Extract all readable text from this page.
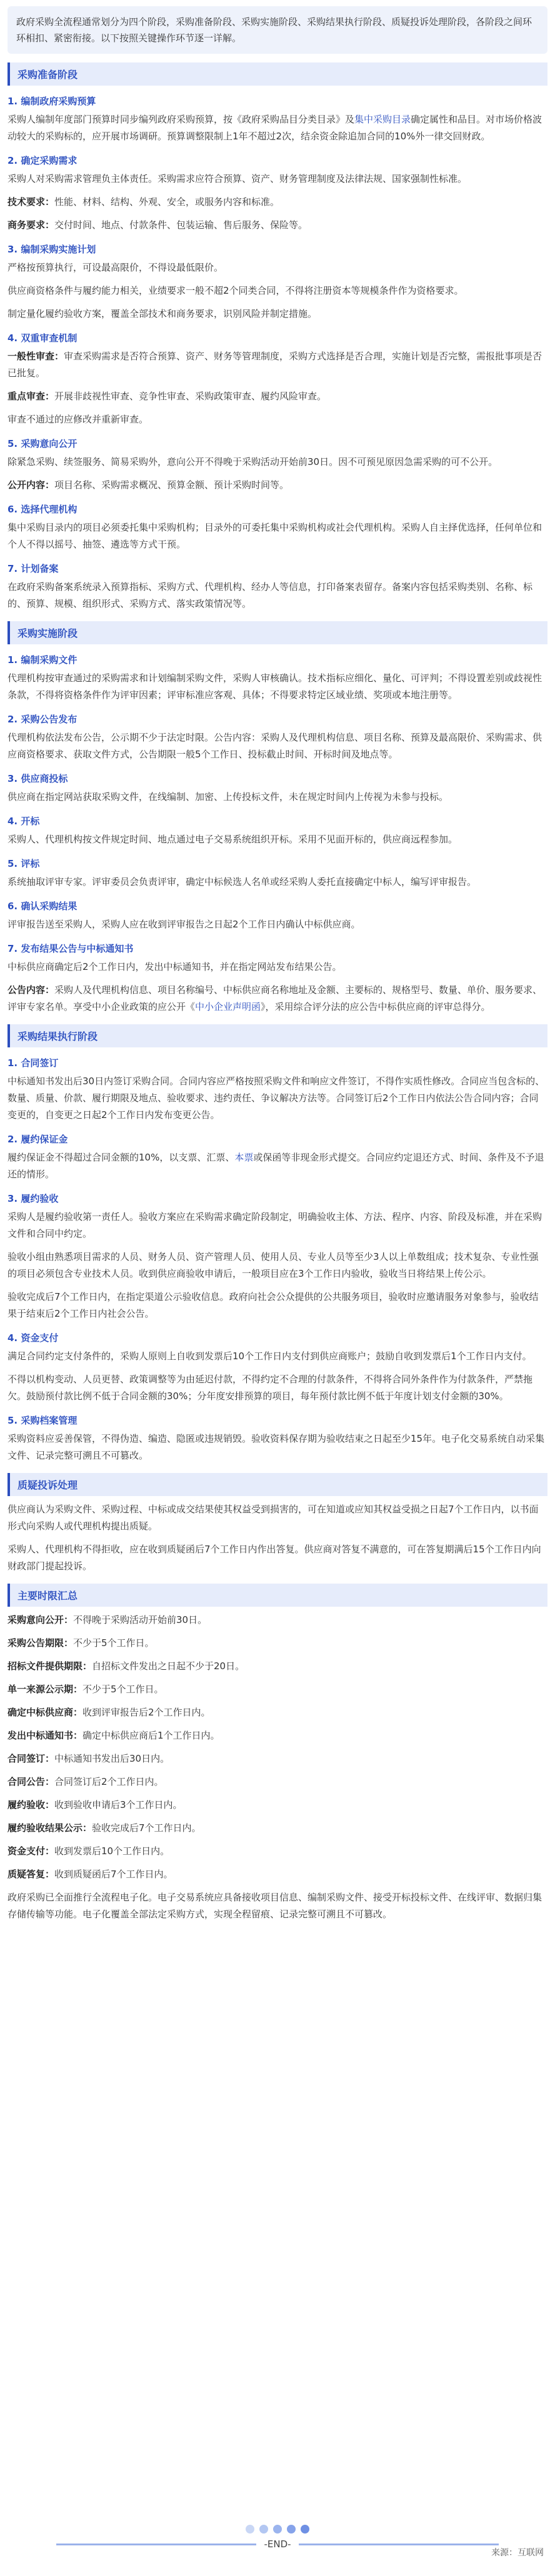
政府采购全流程通常划分为四个阶段，采购准备阶段、采购实施阶段、采购结果执行阶段、质疑投诉处理阶段，各阶段之间环环相扣、紧密衔接。以下按照关键操作环节逐一详解。
采购准备阶段
1. 编制政府采购预算

采购人编制年度部门预算时同步编列政府采购预算，按《政府采购品目分类目录》及集中采购目录确定属性和品目。对市场价格波动较大的采购标的，应开展市场调研。预算调整限制上1年不超过2次，结余资金除追加合同的10%外一律交回财政。

2. 确定采购需求

采购人对采购需求管理负主体责任。采购需求应符合预算、资产、财务管理制度及法律法规、国家强制性标准。

技术要求：性能、材料、结构、外观、安全，或服务内容和标准。

商务要求：交付时间、地点、付款条件、包装运输、售后服务、保险等。

3. 编制采购实施计划

严格按预算执行，可设最高限价，不得设最低限价。

供应商资格条件与履约能力相关，业绩要求一般不超2个同类合同，不得将注册资本等规模条件作为资格要求。

制定量化履约验收方案，覆盖全部技术和商务要求，识别风险并制定措施。

4. 双重审查机制

一般性审查：审查采购需求是否符合预算、资产、财务等管理制度，采购方式选择是否合理，实施计划是否完整，需报批事项是否已批复。

重点审查：开展非歧视性审查、竞争性审查、采购政策审查、履约风险审查。

审查不通过的应修改并重新审查。

5. 采购意向公开

除紧急采购、续签服务、简易采购外，意向公开不得晚于采购活动开始前30日。因不可预见原因急需采购的可不公开。

公开内容：项目名称、采购需求概况、预算金额、预计采购时间等。

6. 选择代理机构

集中采购目录内的项目必须委托集中采购机构；目录外的可委托集中采购机构或社会代理机构。采购人自主择优选择，任何单位和个人不得以摇号、抽签、遴选等方式干预。

7. 计划备案

在政府采购备案系统录入预算指标、采购方式、代理机构、经办人等信息，打印备案表留存。备案内容包括采购类别、名称、标的、预算、规模、组织形式、采购方式、落实政策情况等。

采购实施阶段
1. 编制采购文件

代理机构按审查通过的采购需求和计划编制采购文件，采购人审核确认。技术指标应细化、量化、可评判；不得设置差别或歧视性条款，不得将资格条件作为评审因素；评审标准应客观、具体；不得要求特定区域业绩、奖项或本地注册等。

2. 采购公告发布

代理机构依法发布公告，公示期不少于法定时限。公告内容：采购人及代理机构信息、项目名称、预算及最高限价、采购需求、供应商资格要求、获取文件方式，公告期限一般5个工作日、投标截止时间、开标时间及地点等。

3. 供应商投标

供应商在指定网站获取采购文件，在线编制、加密、上传投标文件，未在规定时间内上传视为未参与投标。

4. 开标

采购人、代理机构按文件规定时间、地点通过电子交易系统组织开标。采用不见面开标的，供应商远程参加。

5. 评标

系统抽取评审专家。评审委员会负责评审，确定中标候选人名单或经采购人委托直接确定中标人，编写评审报告。

6. 确认采购结果

评审报告送至采购人，采购人应在收到评审报告之日起2个工作日内确认中标供应商。

7. 发布结果公告与中标通知书

中标供应商确定后2个工作日内，发出中标通知书，并在指定网站发布结果公告。

公告内容：采购人及代理机构信息、项目名称编号、中标供应商名称地址及金额、主要标的、规格型号、数量、单价、服务要求、评审专家名单。享受中小企业政策的应公开《中小企业声明函》，采用综合评分法的应公告中标供应商的评审总得分。

采购结果执行阶段
1. 合同签订

中标通知书发出后30日内签订采购合同。合同内容应严格按照采购文件和响应文件签订，不得作实质性修改。合同应当包含标的、数量、质量、价款、履行期限及地点、验收要求、违约责任、争议解决方法等。合同签订后2个工作日内依法公告合同内容；合同变更的，自变更之日起2个工作日内发布变更公告。

2. 履约保证金

履约保证金不得超过合同金额的10%，以支票、汇票、本票或保函等非现金形式提交。合同应约定退还方式、时间、条件及不予退还的情形。

3. 履约验收

采购人是履约验收第一责任人。验收方案应在采购需求确定阶段制定，明确验收主体、方法、程序、内容、阶段及标准，并在采购文件和合同中约定。

验收小组由熟悉项目需求的人员、财务人员、资产管理人员、使用人员、专业人员等至少3人以上单数组成；技术复杂、专业性强的项目必须包含专业技术人员。收到供应商验收申请后，一般项目应在3个工作日内验收，验收当日将结果上传公示。

验收完成后7个工作日内，在指定渠道公示验收信息。政府向社会公众提供的公共服务项目，验收时应邀请服务对象参与，验收结果于结束后2个工作日内社会公告。

4. 资金支付

满足合同约定支付条件的，采购人原则上自收到发票后10个工作日内支付到供应商账户；鼓励自收到发票后1个工作日内支付。

不得以机构变动、人员更替、政策调整等为由延迟付款，不得约定不合理的付款条件，不得将合同外条件作为付款条件，严禁拖欠。鼓励预付款比例不低于合同金额的30%；分年度安排预算的项目，每年预付款比例不低于年度计划支付金额的30%。

5. 采购档案管理

采购资料应妥善保管，不得伪造、编造、隐匿或违规销毁。验收资料保存期为验收结束之日起至少15年。电子化交易系统自动采集文件、记录完整可溯且不可篡改。

质疑投诉处理

供应商认为采购文件、采购过程、中标或成交结果使其权益受到损害的，可在知道或应知其权益受损之日起7个工作日内，以书面形式向采购人或代理机构提出质疑。

采购人、代理机构不得拒收，应在收到质疑函后7个工作日内作出答复。供应商对答复不满意的，可在答复期满后15个工作日内向财政部门提起投诉。

主要时限汇总

采购意向公开：不得晚于采购活动开始前30日。

采购公告期限：不少于5个工作日。

招标文件提供期限：自招标文件发出之日起不少于20日。

单一来源公示期：不少于5个工作日。

确定中标供应商：收到评审报告后2个工作日内。

发出中标通知书：确定中标供应商后1个工作日内。

合同签订：中标通知书发出后30日内。

合同公告：合同签订后2个工作日内。

履约验收：收到验收申请后3个工作日内。

履约验收结果公示：验收完成后7个工作日内。

资金支付：收到发票后10个工作日内。

质疑答复：收到质疑函后7个工作日内。

政府采购已全面推行全流程电子化。电子交易系统应具备接收项目信息、编制采购文件、接受开标投标文件、在线评审、数据归集存储传输等功能。电子化覆盖全部法定采购方式，实现全程留痕、记录完整可溯且不可篡改。

-END-
来源：互联网
